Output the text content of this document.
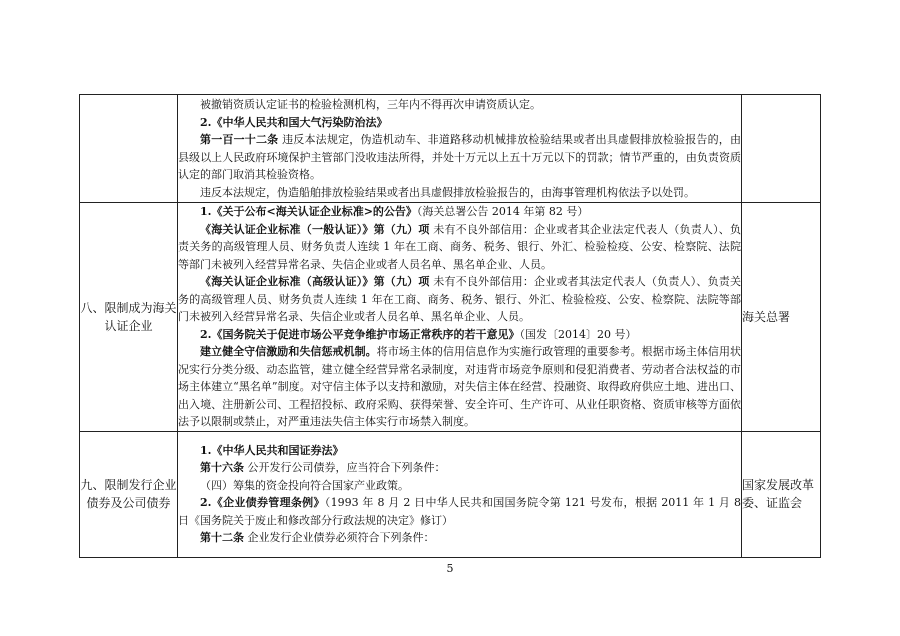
	被撤销资质认定证书的检验检测机构，三年内不得再次申请资质认定。

2.《中华人民共和国大气污染防治法》

第一百一十二条 违反本法规定，伪造机动车、非道路移动机械排放检验结果或者出具虚假排放检验报告的，由县级以上人民政府环境保护主管部门没收违法所得，并处十万元以上五十万元以下的罚款；情节严重的，由负责资质认定的部门取消其检验资格。

违反本法规定，伪造船舶排放检验结果或者出具虚假排放检验报告的，由海事管理机构依法予以处罚。	

八、限制成为海关认证企业	1.《关于公布<海关认证企业标准>的公告》（海关总署公告 2014 年第 82 号）

《海关认证企业标准（一般认证）》第（九）项 未有不良外部信用：企业或者其企业法定代表人（负责人）、负责关务的高级管理人员、财务负责人连续 1 年在工商、商务、税务、银行、外汇、检验检疫、公安、检察院、法院等部门未被列入经营异常名录、失信企业或者人员名单、黑名单企业、人员。

《海关认证企业标准（高级认证）》第（九）项 未有不良外部信用：企业或者其法定代表人（负责人）、负责关务的高级管理人员、财务负责人连续 1 年在工商、商务、税务、银行、外汇、检验检疫、公安、检察院、法院等部门未被列入经营异常名录、失信企业或者人员名单、黑名单企业、人员。

2.《国务院关于促进市场公平竞争维护市场正常秩序的若干意见》（国发〔2014〕20 号）

建立健全守信激励和失信惩戒机制。将市场主体的信用信息作为实施行政管理的重要参考。根据市场主体信用状况实行分类分级、动态监管，建立健全经营异常名录制度，对违背市场竞争原则和侵犯消费者、劳动者合法权益的市场主体建立“黑名单”制度。对守信主体予以支持和激励，对失信主体在经营、投融资、取得政府供应土地、进出口、出入境、注册新公司、工程招投标、政府采购、获得荣誉、安全许可、生产许可、从业任职资格、资质审核等方面依法予以限制或禁止，对严重违法失信主体实行市场禁入制度。	海关总署
九、限制发行企业债券及公司债券	1.《中华人民共和国证券法》

第十六条 公开发行公司债券，应当符合下列条件：

（四）筹集的资金投向符合国家产业政策。

2.《企业债券管理条例》（1993 年 8 月 2 日中华人民共和国国务院令第 121 号发布，根据 2011 年 1 月 8 日《国务院关于废止和修改部分行政法规的决定》修订）

第十二条 企业发行企业债券必须符合下列条件：	国家发展改革委、证监会
5
